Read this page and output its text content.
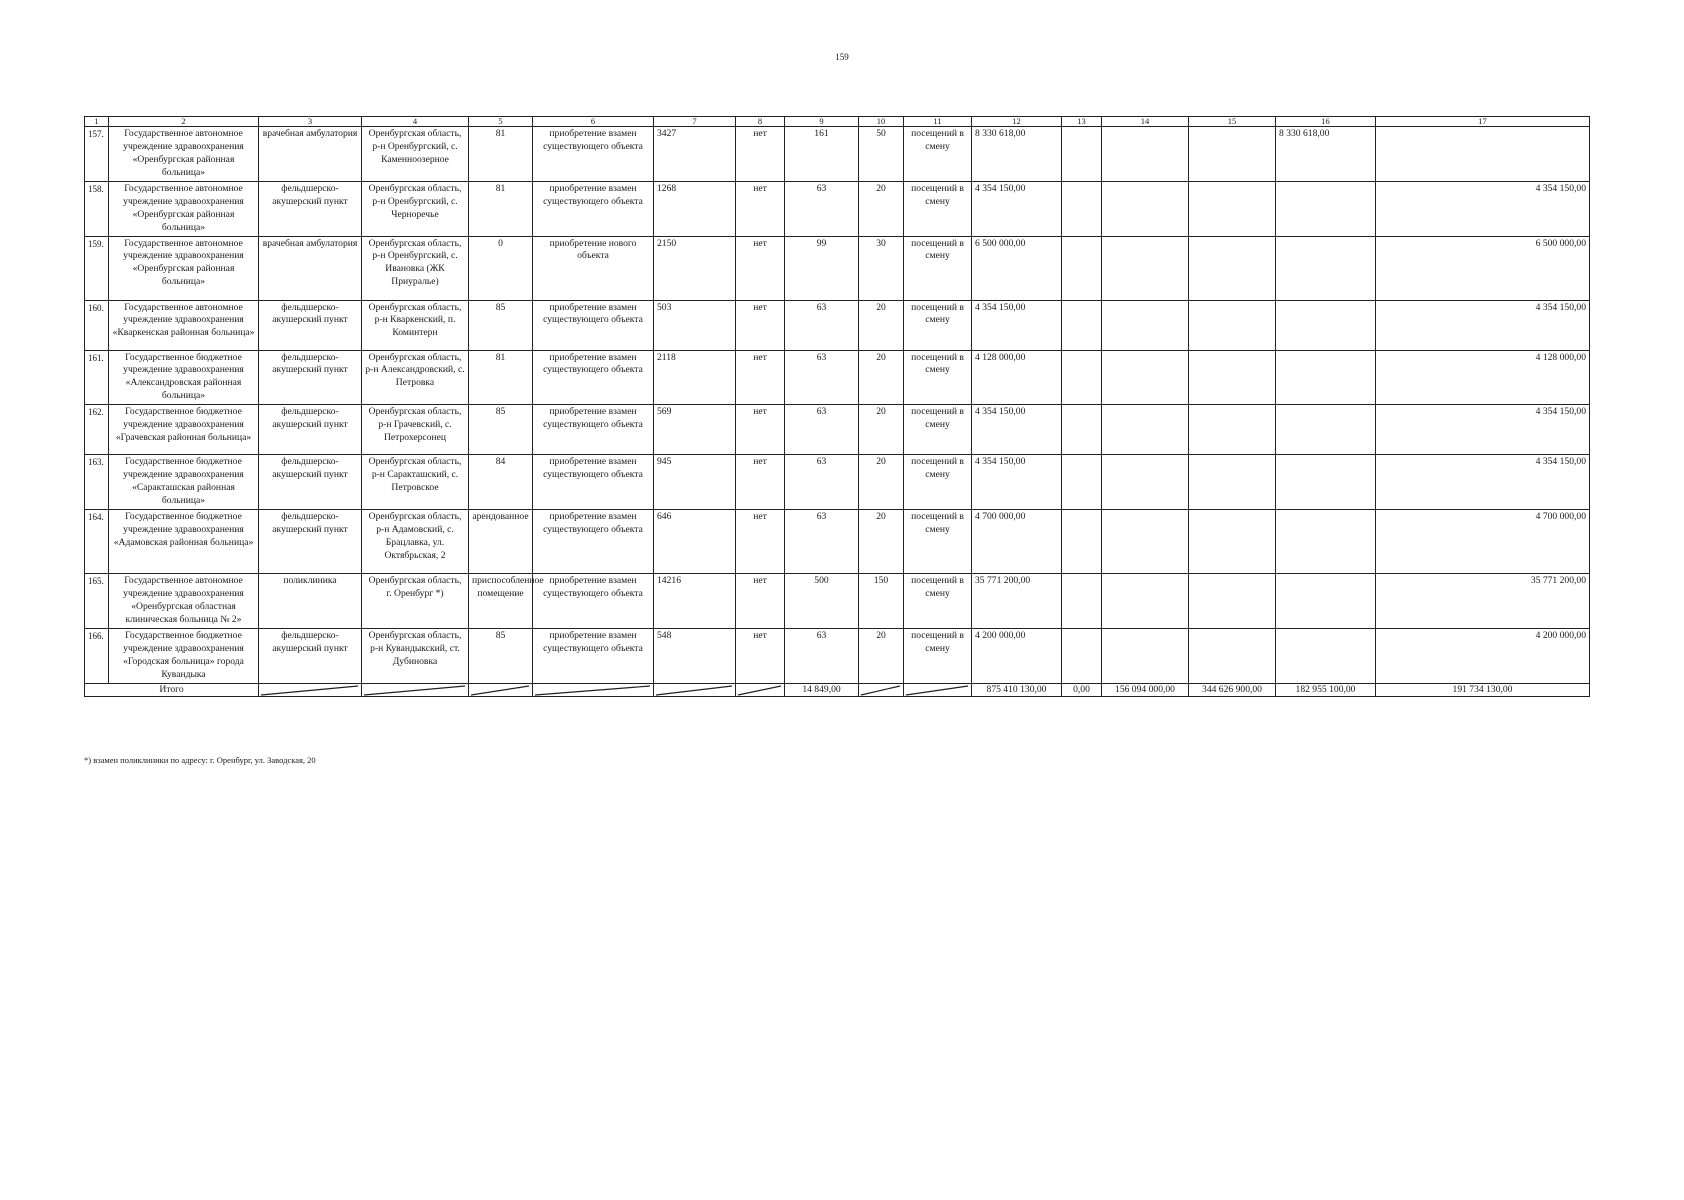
159
1	2	3	4	5	6	7	8	9	10	11	12	13	14	15	16	17
157.	Государственное автономное учреждение здравоохранения «Оренбургская районная больница»	врачебная амбулатория	Оренбургская область, р-н Оренбургский, с. Каменноозерное	81	приобретение взамен существующего объекта	3427	нет	161	50	посещений в смену	8 330 618,00				8 330 618,00	
158.	Государственное автономное учреждение здравоохранения «Оренбургская районная больница»	фельдшерско-акушерский пункт	Оренбургская область, р-н Оренбургский, с. Черноречье	81	приобретение взамен существующего объекта	1268	нет	63	20	посещений в смену	4 354 150,00					4 354 150,00
159.	Государственное автономное учреждение здравоохранения «Оренбургская районная больница»	врачебная амбулатория	Оренбургская область, р-н Оренбургский, с. Ивановка (ЖК Приуралье)	0	приобретение нового объекта	2150	нет	99	30	посещений в смену	6 500 000,00					6 500 000,00
160.	Государственное автономное учреждение здравоохранения «Кваркенская районная больница»	фельдшерско-акушерский пункт	Оренбургская область, р-н Кваркенский, п. Коминтерн	85	приобретение взамен существующего объекта	503	нет	63	20	посещений в смену	4 354 150,00					4 354 150,00
161.	Государственное бюджетное учреждение здравоохранения «Александровская районная больница»	фельдшерско-акушерский пункт	Оренбургская область, р-н Александровский, с. Петровка	81	приобретение взамен существующего объекта	2118	нет	63	20	посещений в смену	4 128 000,00					4 128 000,00
162.	Государственное бюджетное учреждение здравоохранения «Грачевская районная больница»	фельдшерско-акушерский пункт	Оренбургская область, р-н Грачевский, с. Петрохерсонец	85	приобретение взамен существующего объекта	569	нет	63	20	посещений в смену	4 354 150,00					4 354 150,00
163.	Государственное бюджетное учреждение здравоохранения «Саракташская районная больница»	фельдшерско-акушерский пункт	Оренбургская область, р-н Саракташский, с. Петровское	84	приобретение взамен существующего объекта	945	нет	63	20	посещений в смену	4 354 150,00					4 354 150,00
164.	Государственное бюджетное учреждение здравоохранения «Адамовская районная больница»	фельдшерско-акушерский пункт	Оренбургская область, р-н Адамовский, с. Брацлавка, ул. Октябрьская, 2	арендованное	приобретение взамен существующего объекта	646	нет	63	20	посещений в смену	4 700 000,00					4 700 000,00
165.	Государственное автономное учреждение здравоохранения «Оренбургская областная клиническая больница № 2»	поликлиника	Оренбургская область, г. Оренбург *)	приспособленное помещение	приобретение взамен существующего объекта	14216	нет	500	150	посещений в смену	35 771 200,00					35 771 200,00
166.	Государственное бюджетное учреждение здравоохранения «Городская больница» города Кувандыка	фельдшерско-акушерский пункт	Оренбургская область, р-н Кувандыкский, ст. Дубиновка	85	приобретение взамен существующего объекта	548	нет	63	20	посещений в смену	4 200 000,00					4 200 000,00
Итого								14 849,00			875 410 130,00	0,00	156 094 000,00	344 626 900,00	182 955 100,00	191 734 130,00
*) взамен поликлиники по адресу: г. Оренбург, ул. Заводская, 20
